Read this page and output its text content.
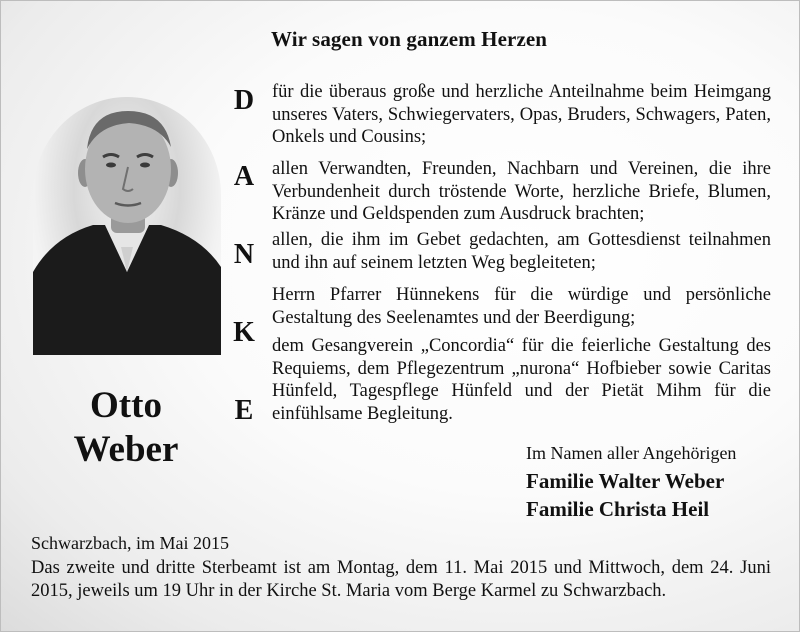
Wir sagen von ganzem Herzen
Otto
Weber
D
A
N
K
E

für die überaus große und herzliche Anteilnahme beim Heimgang unseres Vaters, Schwiegervaters, Opas, Bruders, Schwagers, Paten, Onkels und Cousins;

allen Verwandten, Freunden, Nachbarn und Vereinen, die ihre Verbundenheit durch tröstende Worte, herzliche Briefe, Blumen, Kränze und Geldspenden zum Ausdruck brachten;

allen, die ihm im Gebet gedachten, am Gottesdienst teilnahmen und ihn auf seinem letzten Weg begleiteten;

Herrn Pfarrer Hünnekens für die würdige und persönliche Gestaltung des Seelenamtes und der Beerdigung;

dem Gesangverein „Concordia“ für die feierliche Gestaltung des Requiems, dem Pflegezentrum „nurona“ Hofbieber sowie Caritas Hünfeld, Tagespflege Hünfeld und der Pietät Mihm für die einfühlsame Begleitung.

Im Namen aller Angehörigen
Familie Walter Weber
Familie Christa Heil
Schwarzbach, im Mai 2015

Das zweite und dritte Sterbeamt ist am Montag, dem 11. Mai 2015 und Mittwoch, dem 24. Juni 2015, jeweils um 19 Uhr in der Kirche St. Maria vom Berge Karmel zu Schwarzbach.
